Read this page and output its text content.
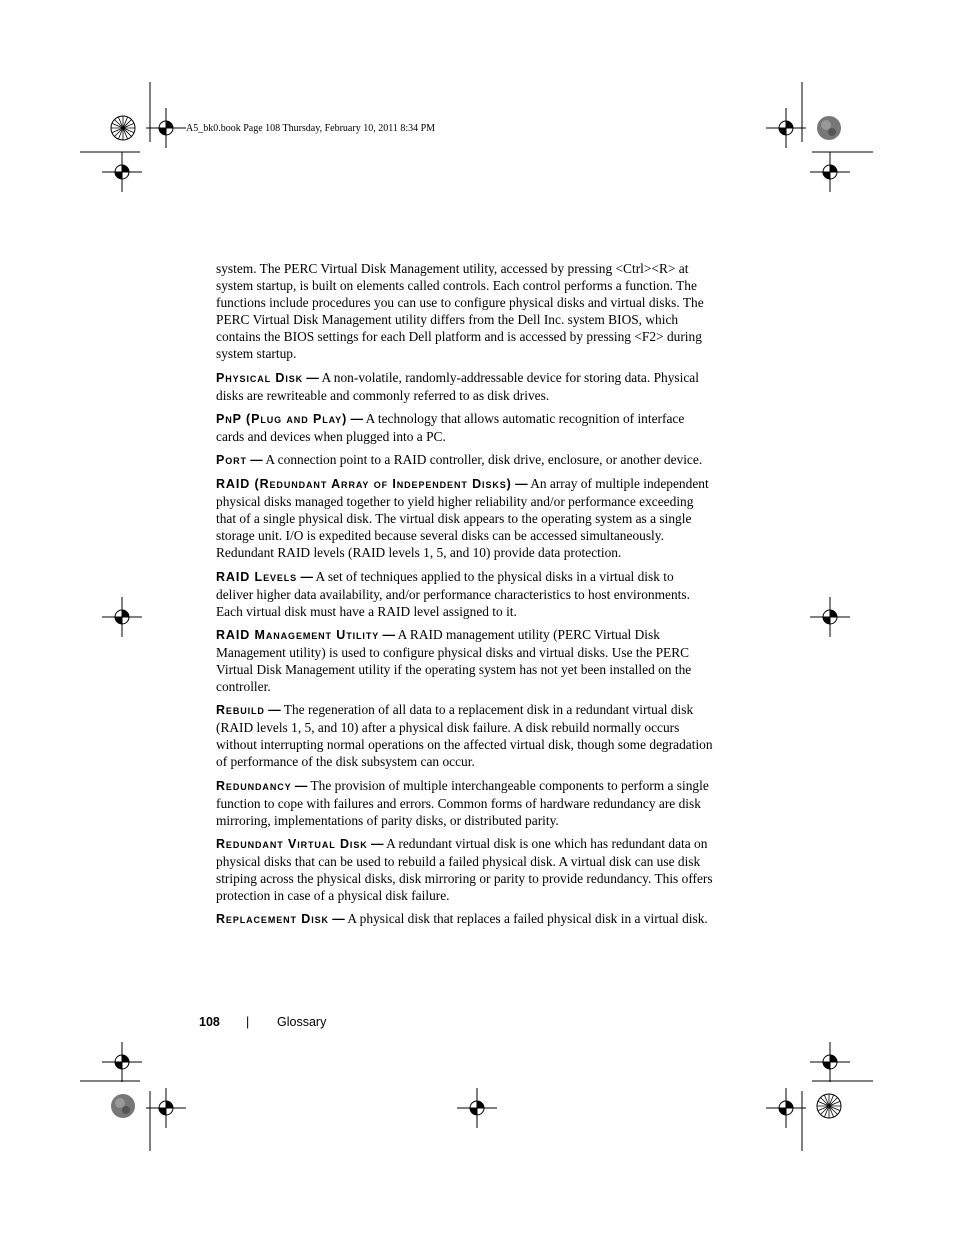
A5_bk0.book Page 108 Thursday, February 10, 2011 8:34 PM

system. The PERC Virtual Disk Management utility, accessed by pressing <Ctrl><R> at system startup, is built on elements called controls. Each control performs a function. The functions include procedures you can use to configure physical disks and virtual disks. The PERC Virtual Disk Management utility differs from the Dell Inc. system BIOS, which contains the BIOS settings for each Dell platform and is accessed by pressing <F2> during system startup.

Physical Disk — A non-volatile, randomly-addressable device for storing data. Physical disks are rewriteable and commonly referred to as disk drives.

PnP (Plug and Play) — A technology that allows automatic recognition of interface cards and devices when plugged into a PC.

Port — A connection point to a RAID controller, disk drive, enclosure, or another device.

RAID (Redundant Array of Independent Disks) — An array of multiple independent physical disks managed together to yield higher reliability and/or performance exceeding that of a single physical disk. The virtual disk appears to the operating system as a single storage unit. I/O is expedited because several disks can be accessed simultaneously. Redundant RAID levels (RAID levels 1, 5, and 10) provide data protection.

RAID Levels — A set of techniques applied to the physical disks in a virtual disk to deliver higher data availability, and/or performance characteristics to host environments. Each virtual disk must have a RAID level assigned to it.

RAID Management Utility — A RAID management utility (PERC Virtual Disk Management utility) is used to configure physical disks and virtual disks. Use the PERC Virtual Disk Management utility if the operating system has not yet been installed on the controller.

Rebuild — The regeneration of all data to a replacement disk in a redundant virtual disk (RAID levels 1, 5, and 10) after a physical disk failure. A disk rebuild normally occurs without interrupting normal operations on the affected virtual disk, though some degradation of performance of the disk subsystem can occur.

Redundancy — The provision of multiple interchangeable components to perform a single function to cope with failures and errors. Common forms of hardware redundancy are disk mirroring, implementations of parity disks, or distributed parity.

Redundant Virtual Disk — A redundant virtual disk is one which has redundant data on physical disks that can be used to rebuild a failed physical disk. A virtual disk can use disk striping across the physical disks, disk mirroring or parity to provide redundancy. This offers protection in case of a physical disk failure.

Replacement Disk — A physical disk that replaces a failed physical disk in a virtual disk.

108 | Glossary
